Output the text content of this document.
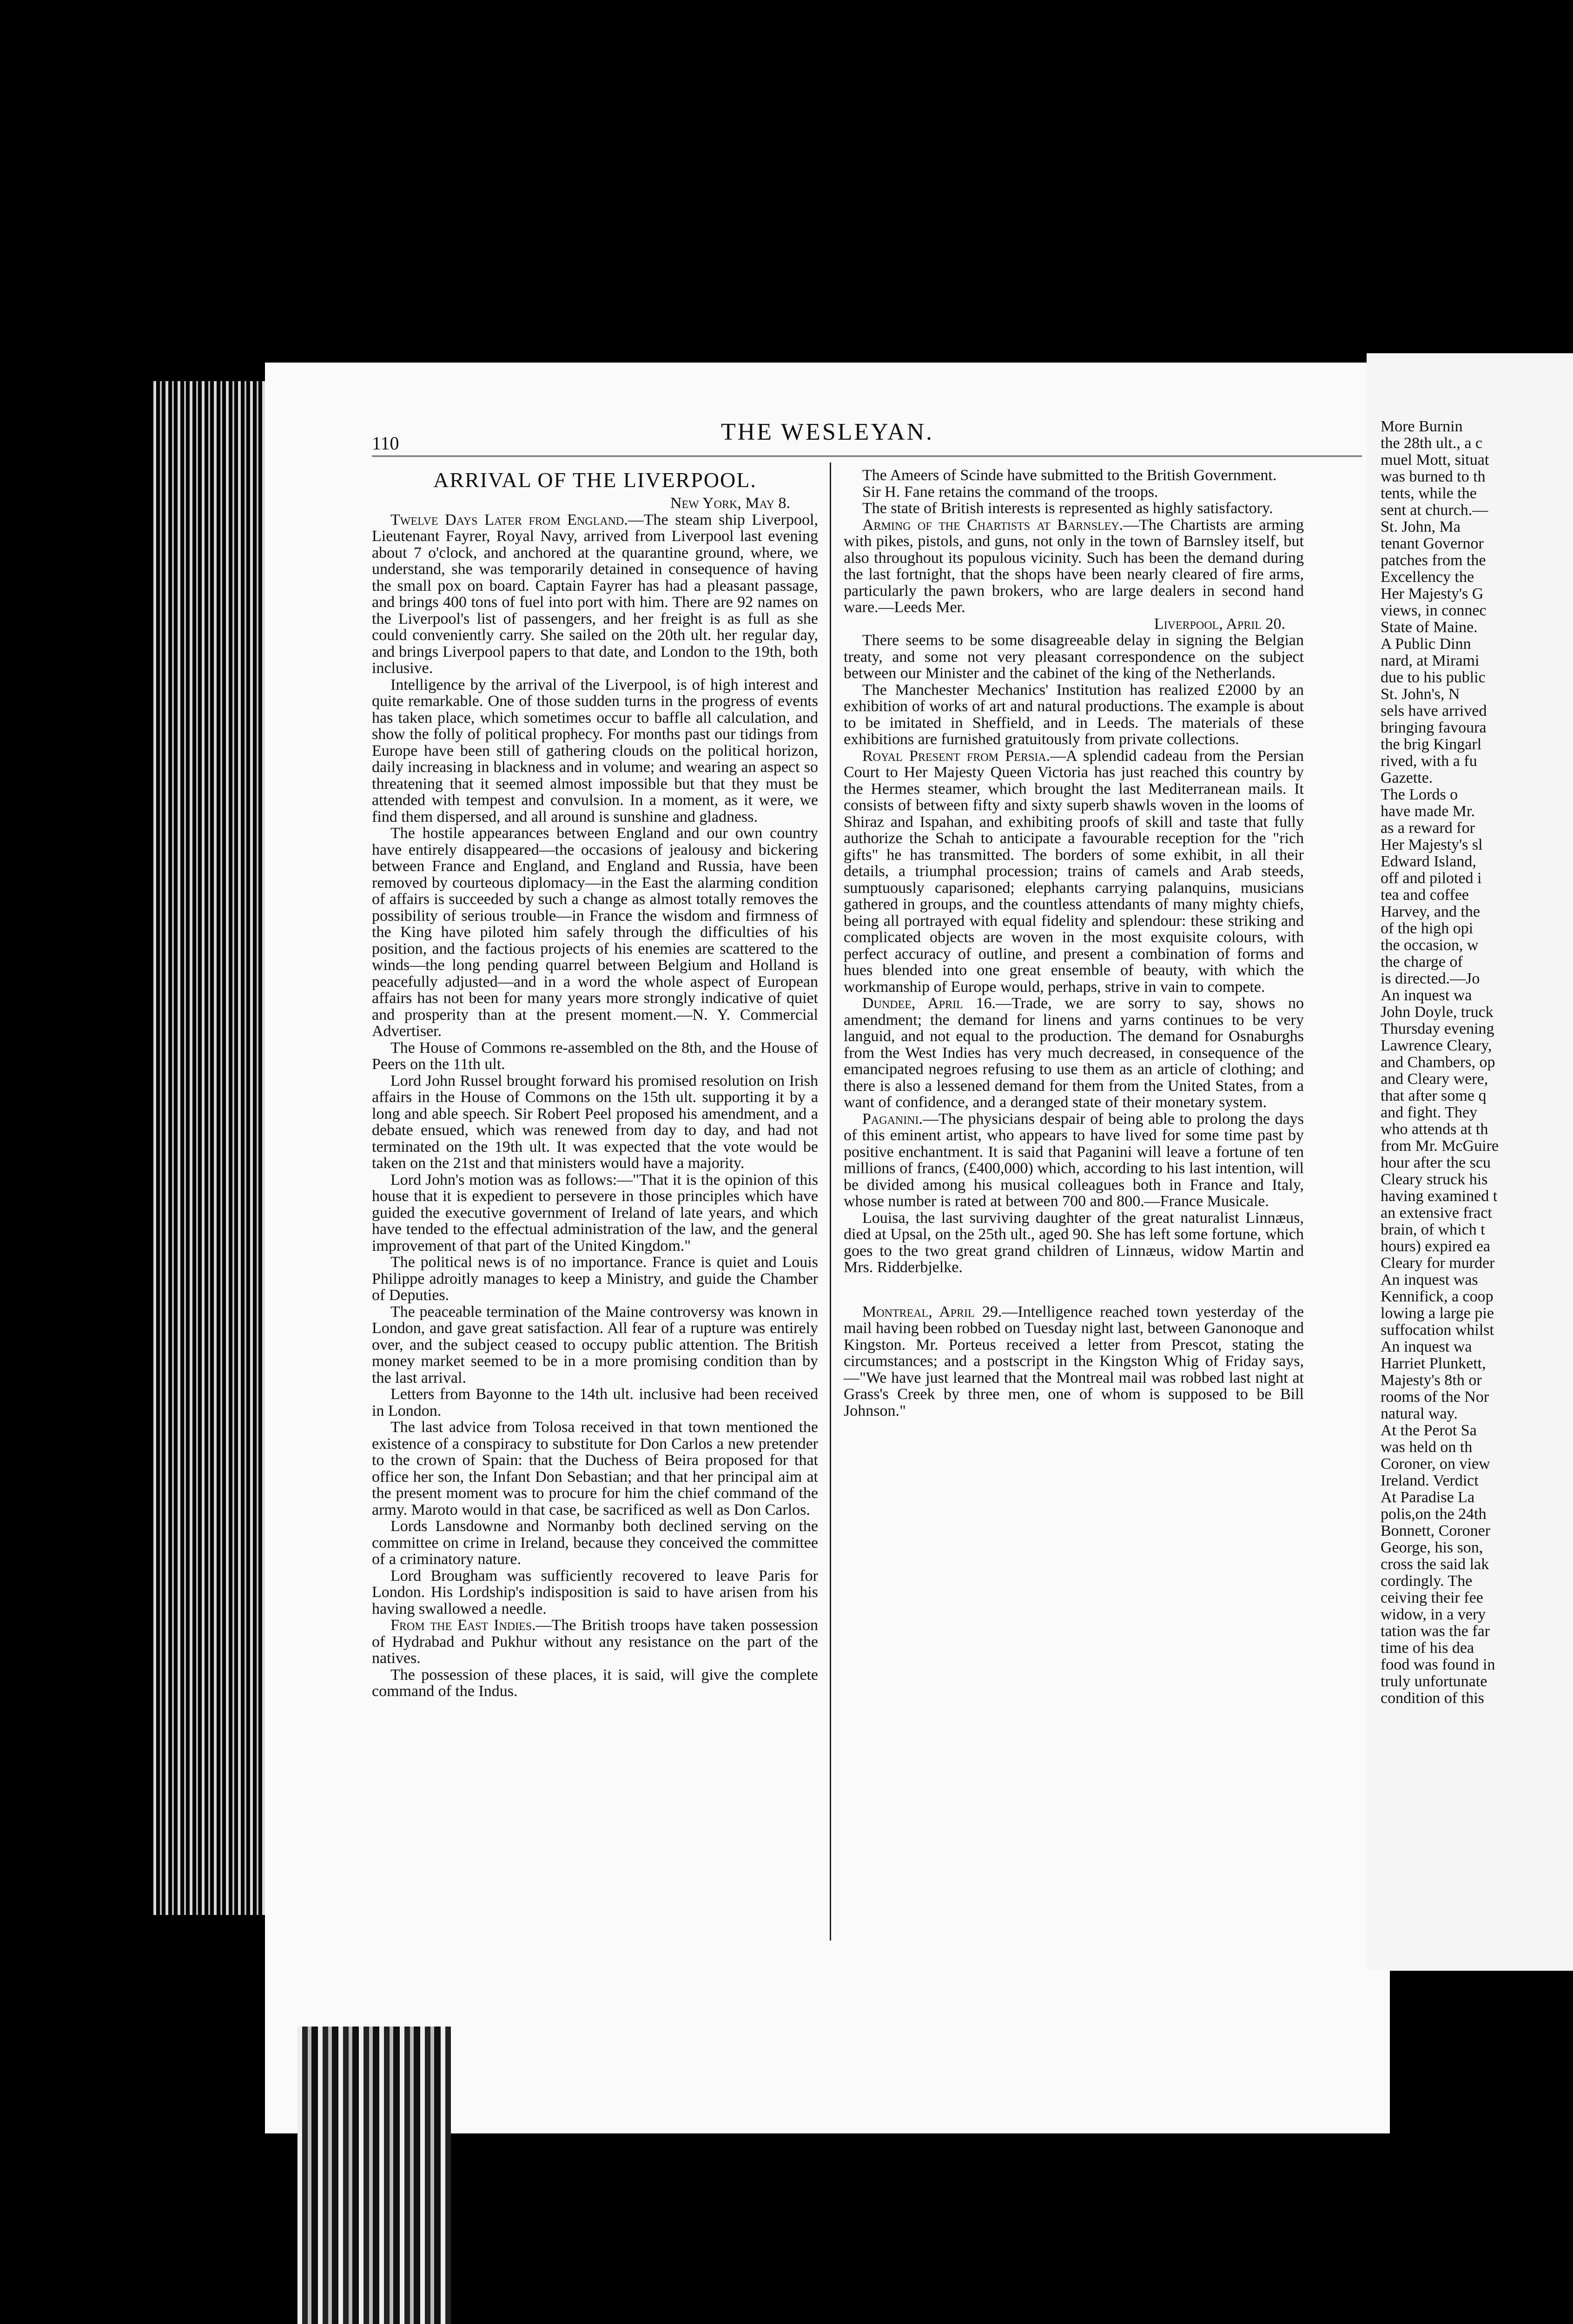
110	THE WESLEYAN.

ARRIVAL OF THE LIVERPOOL.

New York, May 8.

Twelve Days Later from England.—The steam ship Liverpool, Lieutenant Fayrer, Royal Navy, arrived from Liverpool last evening about 7 o'clock, and anchored at the quarantine ground, where, we understand, she was temporarily detained in consequence of having the small pox on board. Captain Fayrer has had a pleasant passage, and brings 400 tons of fuel into port with him. There are 92 names on the Liverpool's list of passengers, and her freight is as full as she could conveniently carry. She sailed on the 20th ult. her regular day, and brings Liverpool papers to that date, and London to the 19th, both inclusive.

Intelligence by the arrival of the Liverpool, is of high interest and quite remarkable. One of those sudden turns in the progress of events has taken place, which sometimes occur to baffle all calculation, and show the folly of political prophecy. For months past our tidings from Europe have been still of gathering clouds on the political horizon, daily increasing in blackness and in volume; and wearing an aspect so threatening that it seemed almost impossible but that they must be attended with tempest and convulsion. In a moment, as it were, we find them dispersed, and all around is sunshine and gladness.

The hostile appearances between England and our own country have entirely disappeared—the occasions of jealousy and bickering between France and England, and England and Russia, have been removed by courteous diplomacy—in the East the alarming condition of affairs is succeeded by such a change as almost totally removes the possibility of serious trouble—in France the wisdom and firmness of the King have piloted him safely through the difficulties of his position, and the factious projects of his enemies are scattered to the winds—the long pending quarrel between Belgium and Holland is peacefully adjusted—and in a word the whole aspect of European affairs has not been for many years more strongly indicative of quiet and prosperity than at the present moment.—N. Y. Commercial Advertiser.

The House of Commons re-assembled on the 8th, and the House of Peers on the 11th ult.

Lord John Russel brought forward his promised resolution on Irish affairs in the House of Commons on the 15th ult. supporting it by a long and able speech. Sir Robert Peel proposed his amendment, and a debate ensued, which was renewed from day to day, and had not terminated on the 19th ult. It was expected that the vote would be taken on the 21st and that ministers would have a majority.

Lord John's motion was as follows:—"That it is the opinion of this house that it is expedient to persevere in those principles which have guided the executive government of Ireland of late years, and which have tended to the effectual administration of the law, and the general improvement of that part of the United Kingdom."

The political news is of no importance. France is quiet and Louis Philippe adroitly manages to keep a Ministry, and guide the Chamber of Deputies.

The peaceable termination of the Maine controversy was known in London, and gave great satisfaction. All fear of a rupture was entirely over, and the subject ceased to occupy public attention. The British money market seemed to be in a more promising condition than by the last arrival.

Letters from Bayonne to the 14th ult. inclusive had been received in London.

The last advice from Tolosa received in that town mentioned the existence of a conspiracy to substitute for Don Carlos a new pretender to the crown of Spain: that the Duchess of Beira proposed for that office her son, the Infant Don Sebastian; and that her principal aim at the present moment was to procure for him the chief command of the army. Maroto would in that case, be sacrificed as well as Don Carlos.

Lords Lansdowne and Normanby both declined serving on the committee on crime in Ireland, because they conceived the committee of a criminatory nature.

Lord Brougham was sufficiently recovered to leave Paris for London. His Lordship's indisposition is said to have arisen from his having swallowed a needle.

From the East Indies.—The British troops have taken possession of Hydrabad and Pukhur without any resistance on the part of the natives.

The possession of these places, it is said, will give the complete command of the Indus.

The Ameers of Scinde have submitted to the British Government.

Sir H. Fane retains the command of the troops.

The state of British interests is represented as highly satisfactory.

Arming of the Chartists at Barnsley.—The Chartists are arming with pikes, pistols, and guns, not only in the town of Barnsley itself, but also throughout its populous vicinity. Such has been the demand during the last fortnight, that the shops have been nearly cleared of fire arms, particularly the pawn brokers, who are large dealers in second hand ware.—Leeds Mer.

Liverpool, April 20.

There seems to be some disagreeable delay in signing the Belgian treaty, and some not very pleasant correspondence on the subject between our Minister and the cabinet of the king of the Netherlands.

The Manchester Mechanics' Institution has realized £2000 by an exhibition of works of art and natural productions. The example is about to be imitated in Sheffield, and in Leeds. The materials of these exhibitions are furnished gratuitously from private collections.

Royal Present from Persia.—A splendid cadeau from the Persian Court to Her Majesty Queen Victoria has just reached this country by the Hermes steamer, which brought the last Mediterranean mails. It consists of between fifty and sixty superb shawls woven in the looms of Shiraz and Ispahan, and exhibiting proofs of skill and taste that fully authorize the Schah to anticipate a favourable reception for the "rich gifts" he has transmitted. The borders of some exhibit, in all their details, a triumphal procession; trains of camels and Arab steeds, sumptuously caparisoned; elephants carrying palanquins, musicians gathered in groups, and the countless attendants of many mighty chiefs, being all portrayed with equal fidelity and splendour: these striking and complicated objects are woven in the most exquisite colours, with perfect accuracy of outline, and present a combination of forms and hues blended into one great ensemble of beauty, with which the workmanship of Europe would, perhaps, strive in vain to compete.

Dundee, April 16.—Trade, we are sorry to say, shows no amendment; the demand for linens and yarns continues to be very languid, and not equal to the production. The demand for Osnaburghs from the West Indies has very much decreased, in consequence of the emancipated negroes refusing to use them as an article of clothing; and there is also a lessened demand for them from the United States, from a want of confidence, and a deranged state of their monetary system.

Paganini.—The physicians despair of being able to prolong the days of this eminent artist, who appears to have lived for some time past by positive enchantment. It is said that Paganini will leave a fortune of ten millions of francs, (£400,000) which, according to his last intention, will be divided among his musical colleagues both in France and Italy, whose number is rated at between 700 and 800.—France Musicale.

Louisa, the last surviving daughter of the great naturalist Linnæus, died at Upsal, on the 25th ult., aged 90. She has left some fortune, which goes to the two great grand children of Linnæus, widow Martin and Mrs. Ridderbjelke.

Montreal, April 29.—Intelligence reached town yesterday of the mail having been robbed on Tuesday night last, between Ganonoque and Kingston. Mr. Porteus received a letter from Prescot, stating the circumstances; and a postscript in the Kingston Whig of Friday says,—"We have just learned that the Montreal mail was robbed last night at Grass's Creek by three men, one of whom is supposed to be Bill Johnson."

More Burnin
the 28th ult., a c
muel Mott, situat
was burned to th
tents, while the
sent at church.—
St. John, Ma
tenant Governor
patches from the
Excellency the
Her Majesty's G
views, in connec
State of Maine.
A Public Dinn
nard, at Mirami
due to his public
St. John's, N
sels have arrived
bringing favoura
the brig Kingarl
rived, with a fu
Gazette.
The Lords o
have made Mr.
as a reward for
Her Majesty's sl
Edward Island,
off and piloted i
tea and coffee
Harvey, and the
of the high opi
the occasion, w
the charge of
is directed.—Jo
An inquest wa
John Doyle, truck
Thursday evening
Lawrence Cleary,
and Chambers, op
and Cleary were,
that after some q
and fight. They
who attends at th
from Mr. McGuire
hour after the scu
Cleary struck his
having examined t
an extensive fract
brain, of which t
hours) expired ea
Cleary for murder
An inquest was
Kennifick, a coop
lowing a large pie
suffocation whilst
An inquest wa
Harriet Plunkett,
Majesty's 8th or
rooms of the Nor
natural way.
At the Perot Sa
was held on th
Coroner, on view
Ireland. Verdict
At Paradise La
polis,on the 24th
Bonnett, Coroner
George, his son,
cross the said lak
cordingly. The
ceiving their fee
widow, in a very
tation was the far
time of his dea
food was found in
truly unfortunate
condition of this
